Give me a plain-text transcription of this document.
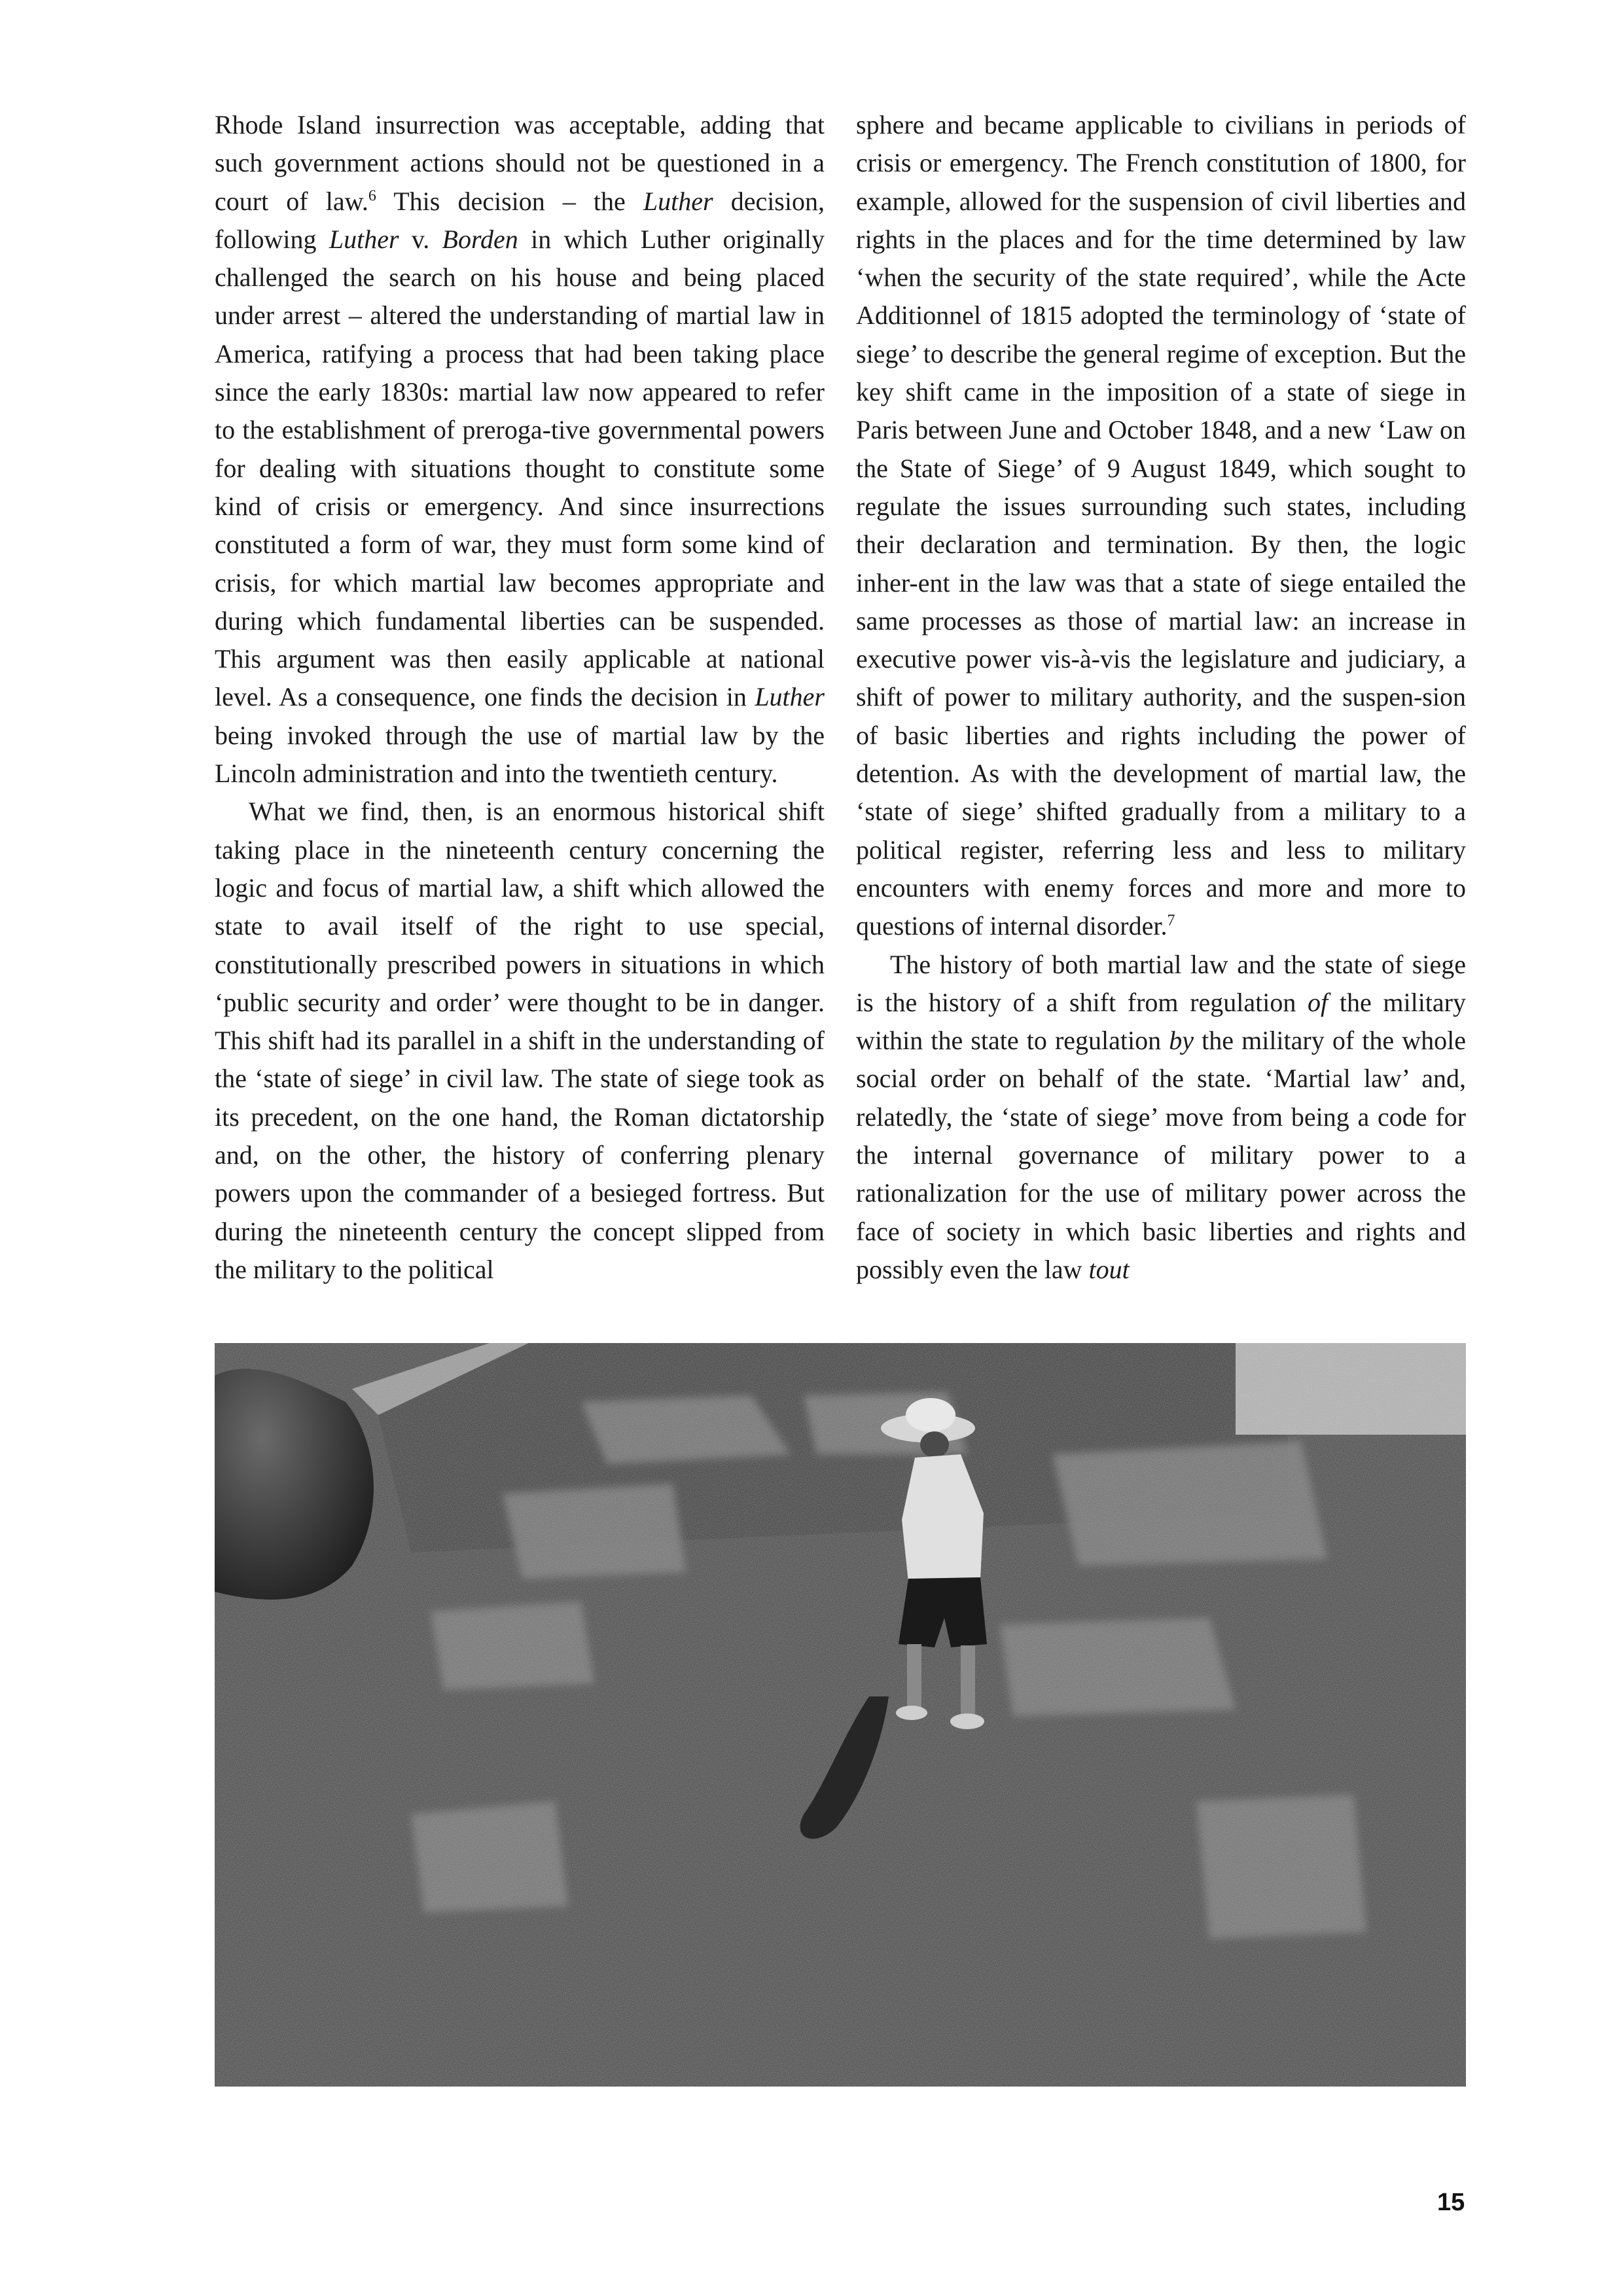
Rhode Island insurrection was acceptable, adding that such government actions should not be questioned in a court of law.$^6$ This decision – the Luther decision, following Luther v. Borden in which Luther originally challenged the search on his house and being placed under arrest – altered the understanding of martial law in America, ratifying a process that had been taking place since the early 1830s: martial law now appeared to refer to the establishment of preroga-tive governmental powers for dealing with situations thought to constitute some kind of crisis or emergency. And since insurrections constituted a form of war, they must form some kind of crisis, for which martial law becomes appropriate and during which fundamental liberties can be suspended. This argument was then easily applicable at national level. As a consequence, one finds the decision in Luther being invoked through the use of martial law by the Lincoln administration and into the twentieth century.

What we find, then, is an enormous historical shift taking place in the nineteenth century concerning the logic and focus of martial law, a shift which allowed the state to avail itself of the right to use special, constitutionally prescribed powers in situations in which ‘public security and order’ were thought to be in danger. This shift had its parallel in a shift in the understanding of the ‘state of siege’ in civil law. The state of siege took as its precedent, on the one hand, the Roman dictatorship and, on the other, the history of conferring plenary powers upon the commander of a besieged fortress. But during the nineteenth century the concept slipped from the military to the political

sphere and became applicable to civilians in periods of crisis or emergency. The French constitution of 1800, for example, allowed for the suspension of civil liberties and rights in the places and for the time determined by law ‘when the security of the state required’, while the Acte Additionnel of 1815 adopted the terminology of ‘state of siege’ to describe the general regime of exception. But the key shift came in the imposition of a state of siege in Paris between June and October 1848, and a new ‘Law on the State of Siege’ of 9 August 1849, which sought to regulate the issues surrounding such states, including their declaration and termination. By then, the logic inher-ent in the law was that a state of siege entailed the same processes as those of martial law: an increase in executive power vis-à-vis the legislature and judiciary, a shift of power to military authority, and the suspen-sion of basic liberties and rights including the power of detention. As with the development of martial law, the ‘state of siege’ shifted gradually from a military to a political register, referring less and less to military encounters with enemy forces and more and more to questions of internal disorder.$^7$

The history of both martial law and the state of siege is the history of a shift from regulation of the military within the state to regulation by the military of the whole social order on behalf of the state. ‘Martial law’ and, relatedly, the ‘state of siege’ move from being a code for the internal governance of military power to a rationalization for the use of military power across the face of society in which basic liberties and rights and possibly even the law tout

15
